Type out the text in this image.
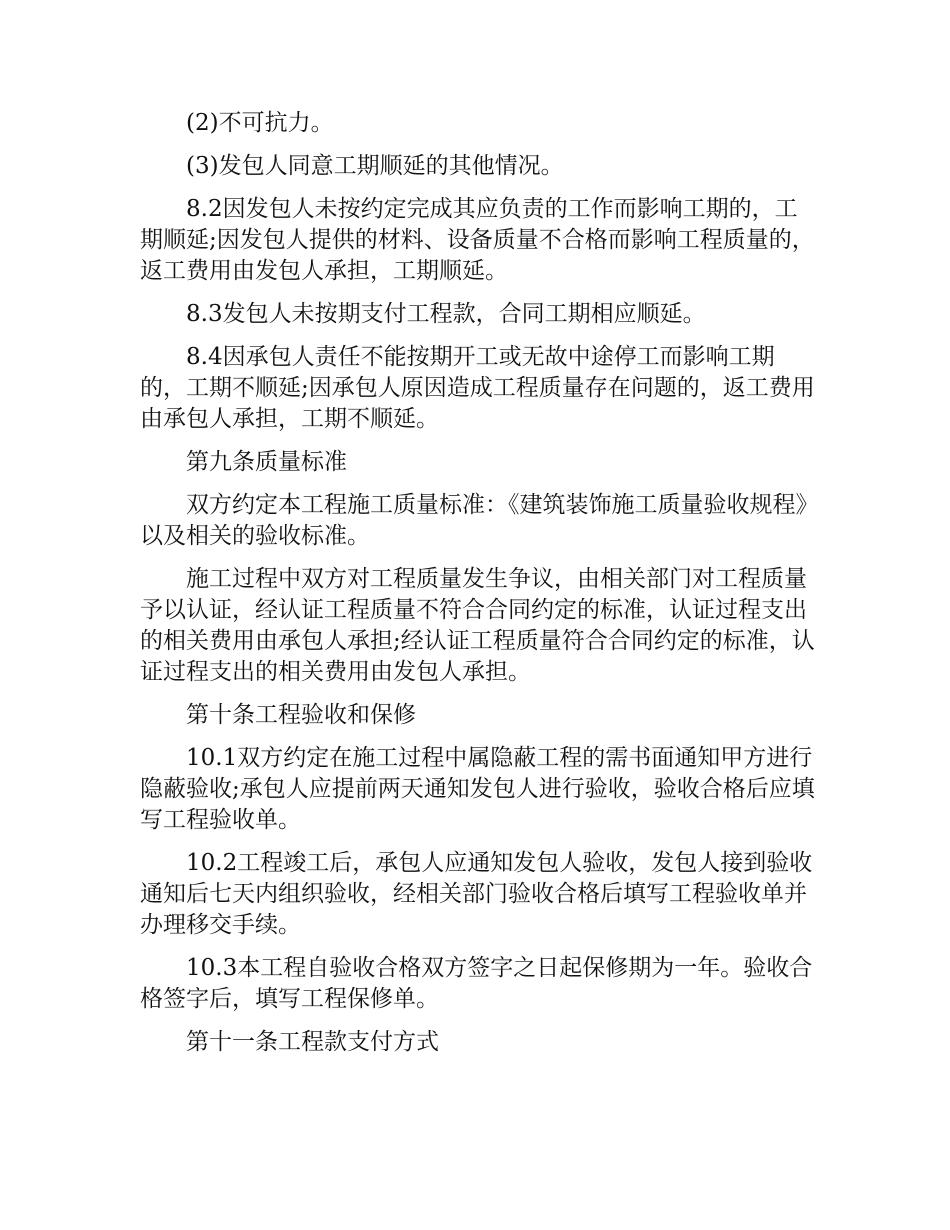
(2)不可抗力。

(3)发包人同意工期顺延的其他情况。

8.2因发包人未按约定完成其应负责的工作而影响工期的，工期顺延;因发包人提供的材料、设备质量不合格而影响工程质量的，返工费用由发包人承担，工期顺延。

8.3发包人未按期支付工程款，合同工期相应顺延。

8.4因承包人责任不能按期开工或无故中途停工而影响工期的，工期不顺延;因承包人原因造成工程质量存在问题的，返工费用由承包人承担，工期不顺延。

第九条质量标准

双方约定本工程施工质量标准：《建筑装饰施工质量验收规程》以及相关的验收标准。

施工过程中双方对工程质量发生争议，由相关部门对工程质量予以认证，经认证工程质量不符合合同约定的标准，认证过程支出的相关费用由承包人承担;经认证工程质量符合合同约定的标准，认证过程支出的相关费用由发包人承担。

第十条工程验收和保修

10.1双方约定在施工过程中属隐蔽工程的需书面通知甲方进行隐蔽验收;承包人应提前两天通知发包人进行验收，验收合格后应填写工程验收单。

10.2工程竣工后，承包人应通知发包人验收，发包人接到验收通知后七天内组织验收，经相关部门验收合格后填写工程验收单并办理移交手续。

10.3本工程自验收合格双方签字之日起保修期为一年。验收合格签字后，填写工程保修单。

第十一条工程款支付方式
